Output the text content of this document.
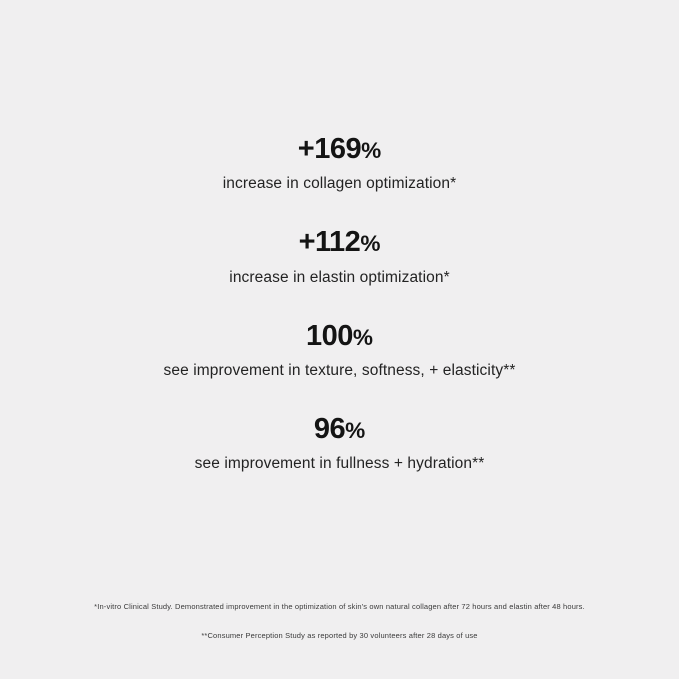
+169%
increase in collagen optimization*
+112%
increase in elastin optimization*
100%
see improvement in texture, softness, + elasticity**
96%
see improvement in fullness + hydration**
*In-vitro Clinical Study. Demonstrated improvement in the optimization of skin's own natural collagen after 72 hours and elastin after 48 hours.
**Consumer Perception Study as reported by 30 volunteers after 28 days of use
